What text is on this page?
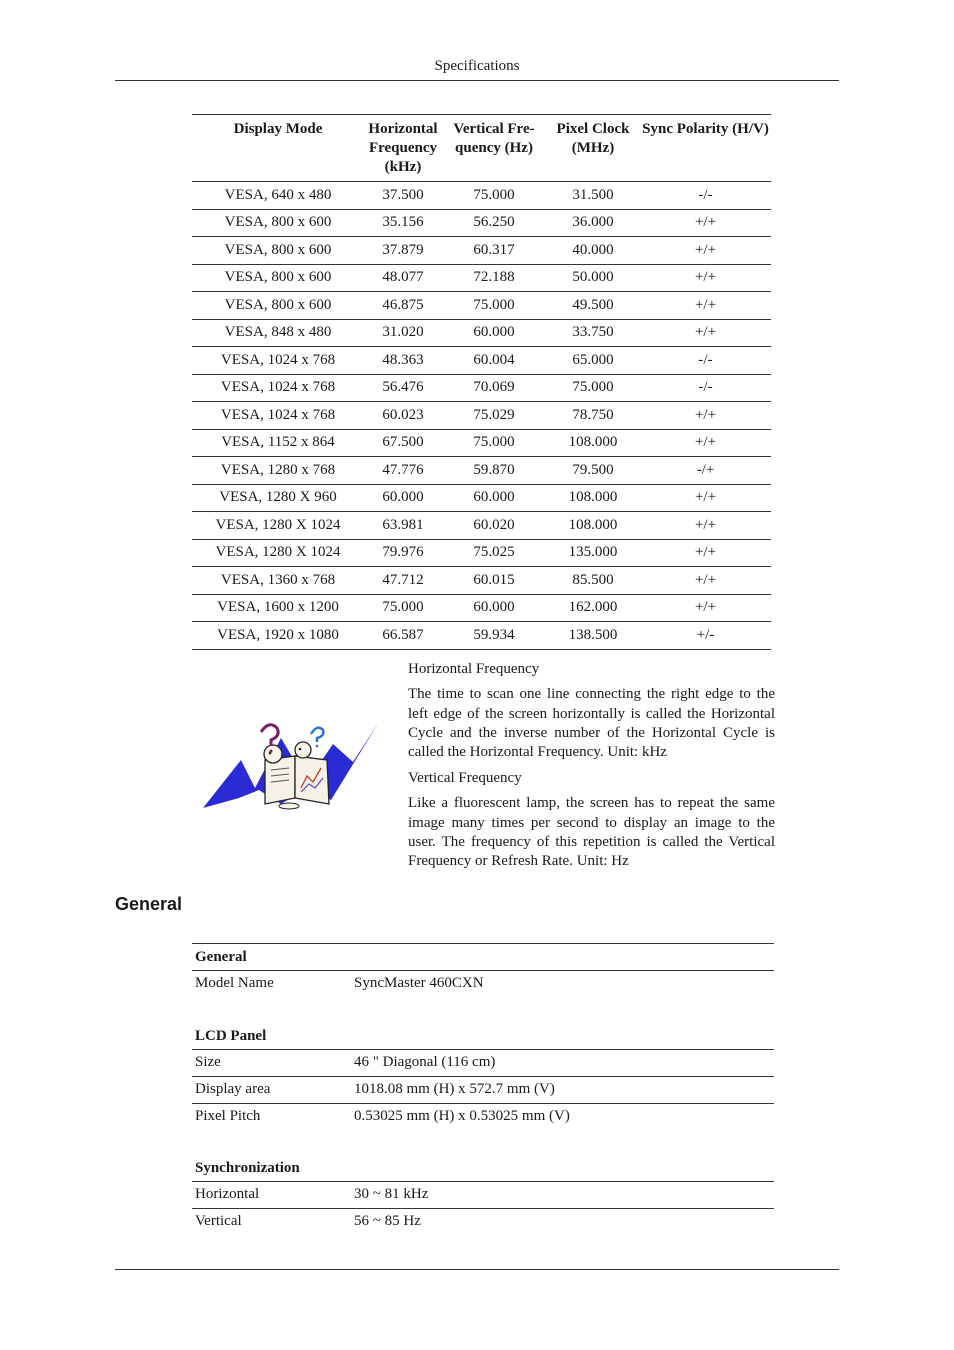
Specifications
Display Mode	Horizontal Frequency (kHz)	Vertical Fre- quency (Hz)	Pixel Clock (MHz)	Sync Polarity (H/V)
VESA, 640 x 480	37.500	75.000	31.500	-/-
VESA, 800 x 600	35.156	56.250	36.000	+/+
VESA, 800 x 600	37.879	60.317	40.000	+/+
VESA, 800 x 600	48.077	72.188	50.000	+/+
VESA, 800 x 600	46.875	75.000	49.500	+/+
VESA, 848 x 480	31.020	60.000	33.750	+/+
VESA, 1024 x 768	48.363	60.004	65.000	-/-
VESA, 1024 x 768	56.476	70.069	75.000	-/-
VESA, 1024 x 768	60.023	75.029	78.750	+/+
VESA, 1152 x 864	67.500	75.000	108.000	+/+
VESA, 1280 x 768	47.776	59.870	79.500	-/+
VESA, 1280 X 960	60.000	60.000	108.000	+/+
VESA, 1280 X 1024	63.981	60.020	108.000	+/+
VESA, 1280 X 1024	79.976	75.025	135.000	+/+
VESA, 1360 x 768	47.712	60.015	85.500	+/+
VESA, 1600 x 1200	75.000	60.000	162.000	+/+
VESA, 1920 x 1080	66.587	59.934	138.500	+/-

Horizontal Frequency

The time to scan one line connecting the right edge to the left edge of the screen horizontally is called the Horizontal Cycle and the inverse number of the Horizontal Cycle is called the Horizontal Frequency. Unit: kHz

Vertical Frequency

Like a fluorescent lamp, the screen has to repeat the same image many times per second to display an image to the user. The frequency of this repetition is called the Vertical Frequency or Refresh Rate. Unit: Hz

General
General
Model Name	SyncMaster 460CXN
LCD Panel
Size	46 " Diagonal (116 cm)
Display area	1018.08 mm (H) x 572.7 mm (V)
Pixel Pitch	0.53025 mm (H) x 0.53025 mm (V)
Synchronization
Horizontal	30 ~ 81 kHz
Vertical	56 ~ 85 Hz
